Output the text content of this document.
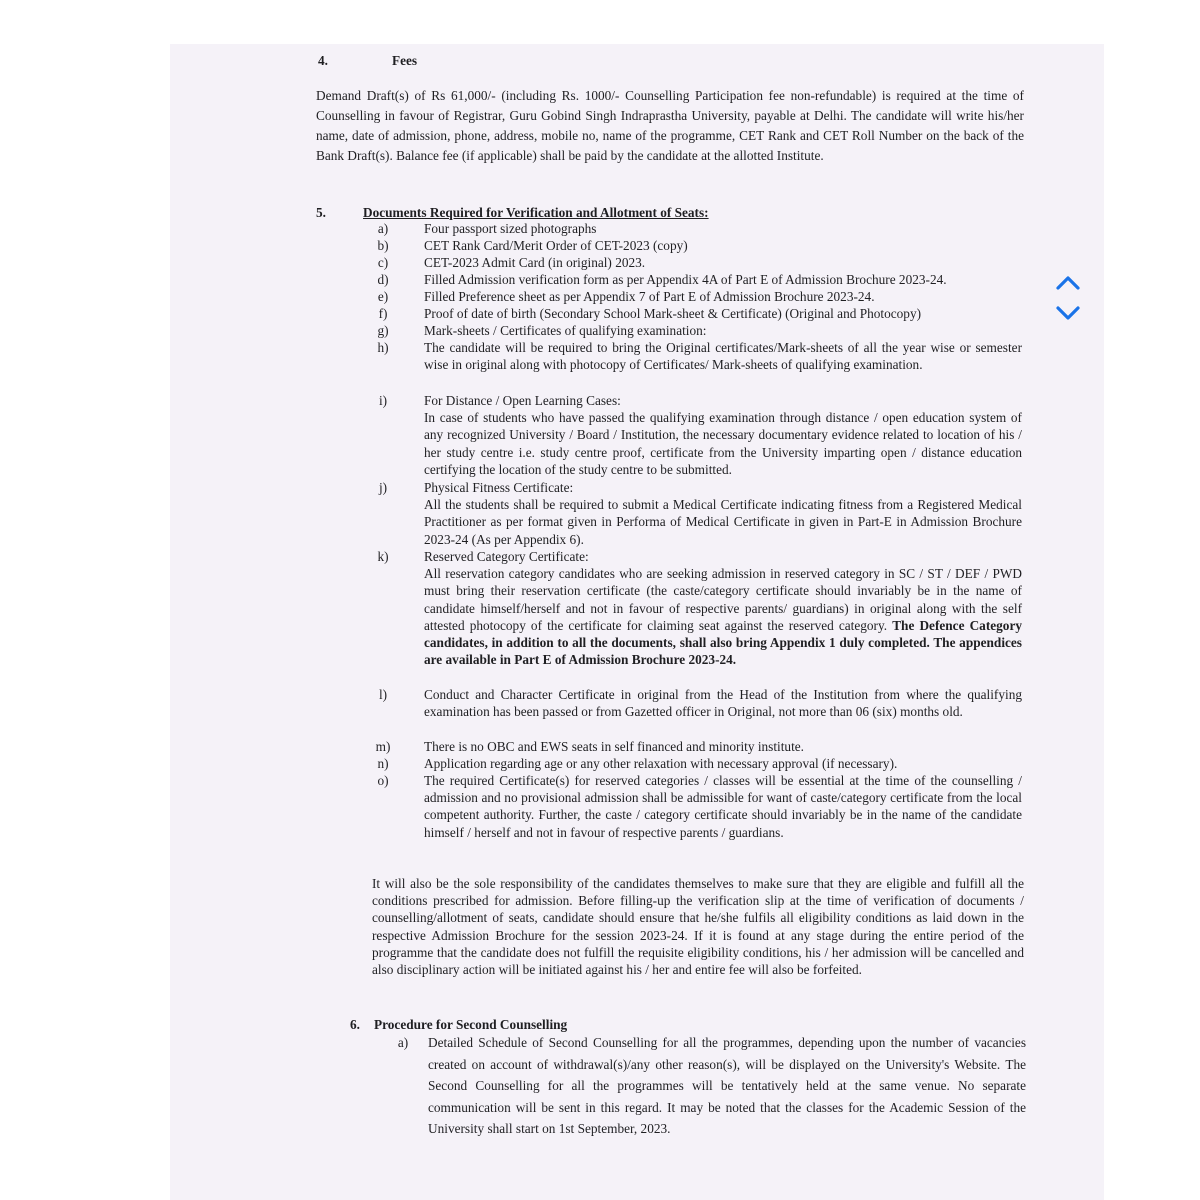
4.	Fees
Demand Draft(s) of Rs 61,000/- (including Rs. 1000/- Counselling Participation fee non-refundable) is required at the time of Counselling in favour of Registrar, Guru Gobind Singh Indraprastha University, payable at Delhi. The candidate will write his/her name, date of admission, phone, address, mobile no, name of the programme, CET Rank and CET Roll Number on the back of the Bank Draft(s). Balance fee (if applicable) shall be paid by the candidate at the allotted Institute.
5.	Documents Required for Verification and Allotment of Seats:
a)	Four passport sized photographs
b)	CET Rank Card/Merit Order of CET-2023 (copy)
c)	CET-2023 Admit Card (in original) 2023.
d)	Filled Admission verification form as per Appendix 4A of Part E of Admission Brochure 2023-24.
e)	Filled Preference sheet as per Appendix 7 of Part E of Admission Brochure 2023-24.
f)	Proof of date of birth (Secondary School Mark-sheet & Certificate) (Original and Photocopy)
g)	Mark-sheets / Certificates of qualifying examination:
h)	The candidate will be required to bring the Original certificates/Mark-sheets of all the year wise or semester wise in original along with photocopy of Certificates/ Mark-sheets of qualifying examination.
i)	For Distance / Open Learning Cases:
In case of students who have passed the qualifying examination through distance / open education system of any recognized University / Board / Institution, the necessary documentary evidence related to location of his / her study centre i.e. study centre proof, certificate from the University imparting open / distance education certifying the location of the study centre to be submitted.
j)	Physical Fitness Certificate:
All the students shall be required to submit a Medical Certificate indicating fitness from a Registered Medical Practitioner as per format given in Performa of Medical Certificate in given in Part-E in Admission Brochure 2023-24 (As per Appendix 6).
k)	Reserved Category Certificate:
All reservation category candidates who are seeking admission in reserved category in SC / ST / DEF / PWD must bring their reservation certificate (the caste/category certificate should invariably be in the name of candidate himself/herself and not in favour of respective parents/ guardians) in original along with the self attested photocopy of the certificate for claiming seat against the reserved category. The Defence Category candidates, in addition to all the documents, shall also bring Appendix 1 duly completed. The appendices are available in Part E of Admission Brochure 2023-24.
l)	Conduct and Character Certificate in original from the Head of the Institution from where the qualifying examination has been passed or from Gazetted officer in Original, not more than 06 (six) months old.
m)	There is no OBC and EWS seats in self financed and minority institute.
n)	Application regarding age or any other relaxation with necessary approval (if necessary).
o)	The required Certificate(s) for reserved categories / classes will be essential at the time of the counselling / admission and no provisional admission shall be admissible for want of caste/category certificate from the local competent authority. Further, the caste / category certificate should invariably be in the name of the candidate himself / herself and not in favour of respective parents / guardians.
It will also be the sole responsibility of the candidates themselves to make sure that they are eligible and fulfill all the conditions prescribed for admission. Before filling-up the verification slip at the time of verification of documents / counselling/allotment of seats, candidate should ensure that he/she fulfils all eligibility conditions as laid down in the respective Admission Brochure for the session 2023-24. If it is found at any stage during the entire period of the programme that the candidate does not fulfill the requisite eligibility conditions, his / her admission will be cancelled and also disciplinary action will be initiated against his / her and entire fee will also be forfeited.
6. Procedure for Second Counselling
a)	Detailed Schedule of Second Counselling for all the programmes, depending upon the number of vacancies created on account of withdrawal(s)/any other reason(s), will be displayed on the University's Website. The Second Counselling for all the programmes will be tentatively held at the same venue. No separate communication will be sent in this regard. It may be noted that the classes for the Academic Session of the University shall start on 1st September, 2023.
